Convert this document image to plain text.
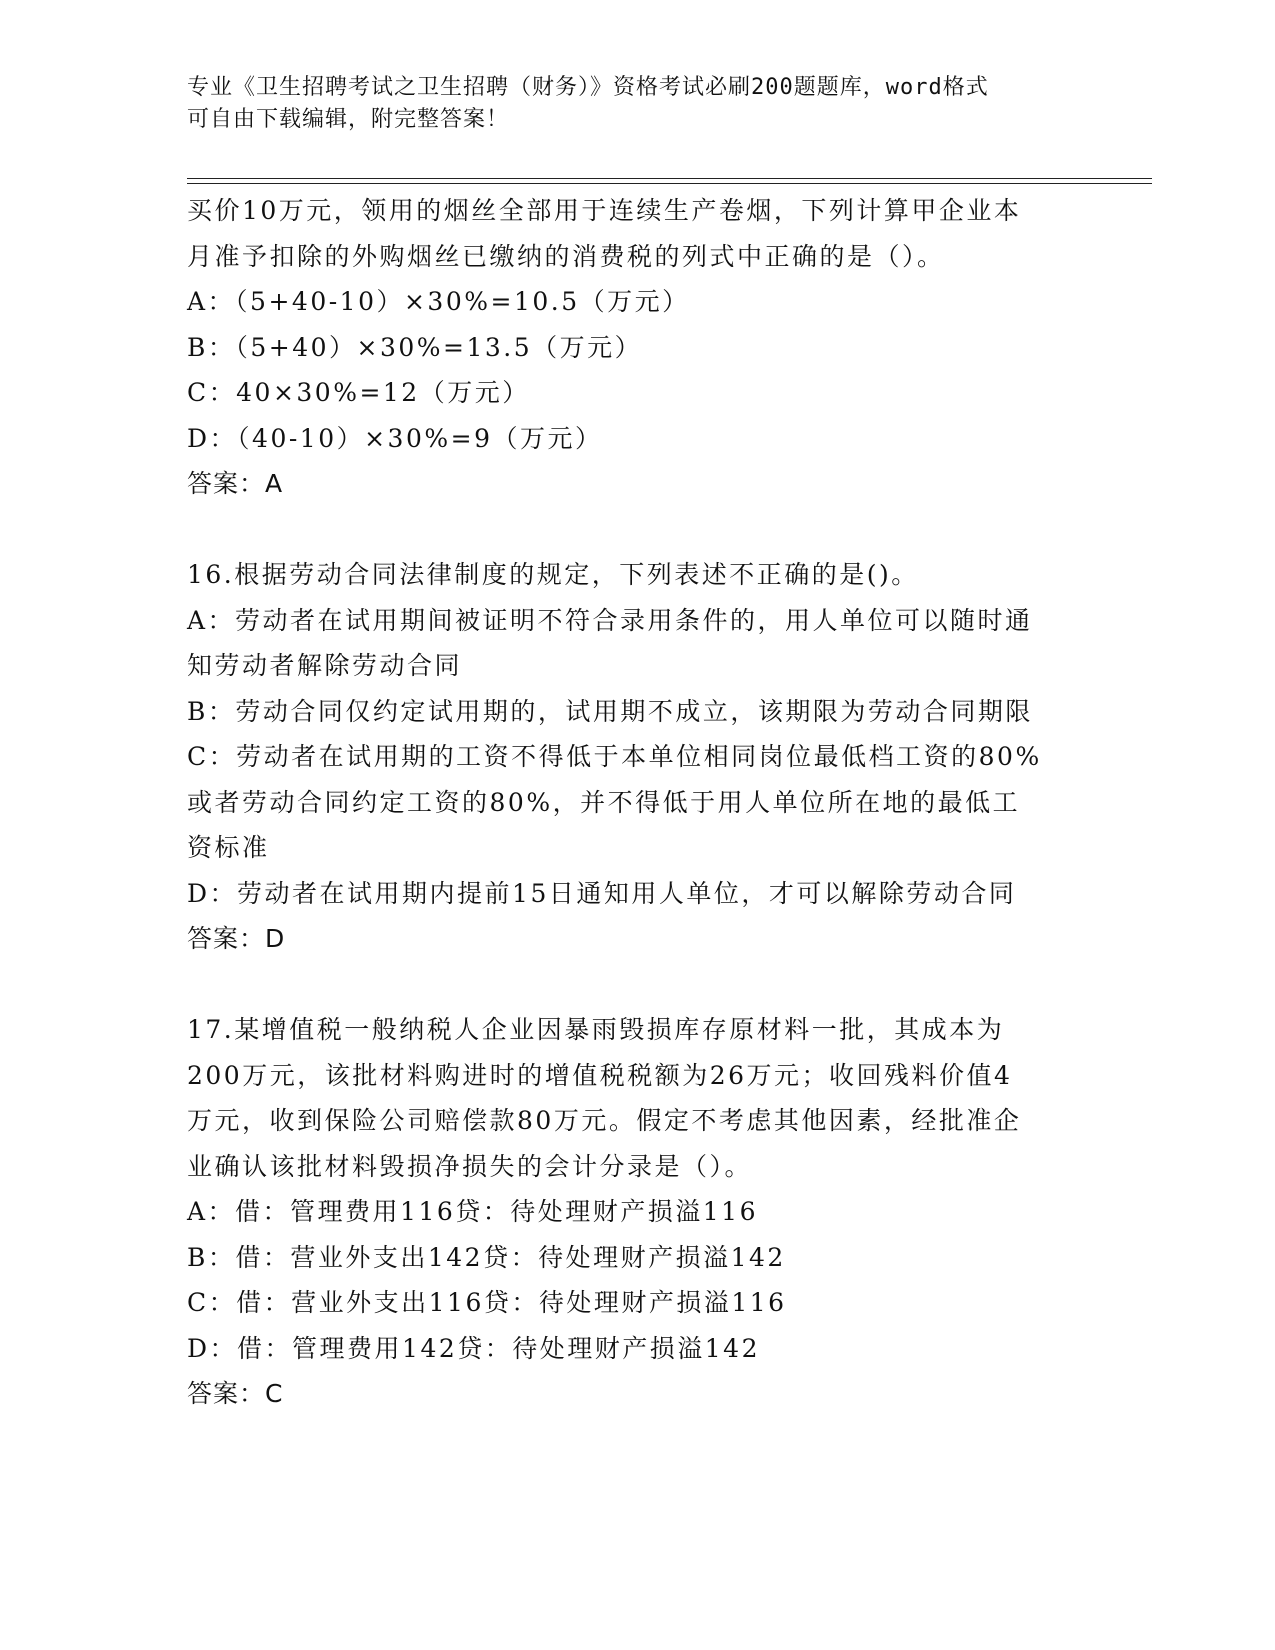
专业《卫生招聘考试之卫生招聘（财务）》资格考试必刷200题题库，word格式
可自由下载编辑，附完整答案！
买价10万元，领用的烟丝全部用于连续生产卷烟，下列计算甲企业本
月准予扣除的外购烟丝已缴纳的消费税的列式中正确的是（）。
A：（5+40-10）×30%=10.5（万元）
B：（5+40）×30%=13.5（万元）
C：40×30%=12（万元）
D：（40-10）×30%=9（万元）
答案：A
16.根据劳动合同法律制度的规定，下列表述不正确的是()。
A：劳动者在试用期间被证明不符合录用条件的，用人单位可以随时通
知劳动者解除劳动合同
B：劳动合同仅约定试用期的，试用期不成立，该期限为劳动合同期限
C：劳动者在试用期的工资不得低于本单位相同岗位最低档工资的80%
或者劳动合同约定工资的80%，并不得低于用人单位所在地的最低工
资标准
D：劳动者在试用期内提前15日通知用人单位，才可以解除劳动合同
答案：D
17.某增值税一般纳税人企业因暴雨毁损库存原材料一批，其成本为
200万元，该批材料购进时的增值税税额为26万元；收回残料价值4
万元，收到保险公司赔偿款80万元。假定不考虑其他因素，经批准企
业确认该批材料毁损净损失的会计分录是（）。
A：借：管理费用116贷：待处理财产损溢116
B：借：营业外支出142贷：待处理财产损溢142
C：借：营业外支出116贷：待处理财产损溢116
D：借：管理费用142贷：待处理财产损溢142
答案：C
